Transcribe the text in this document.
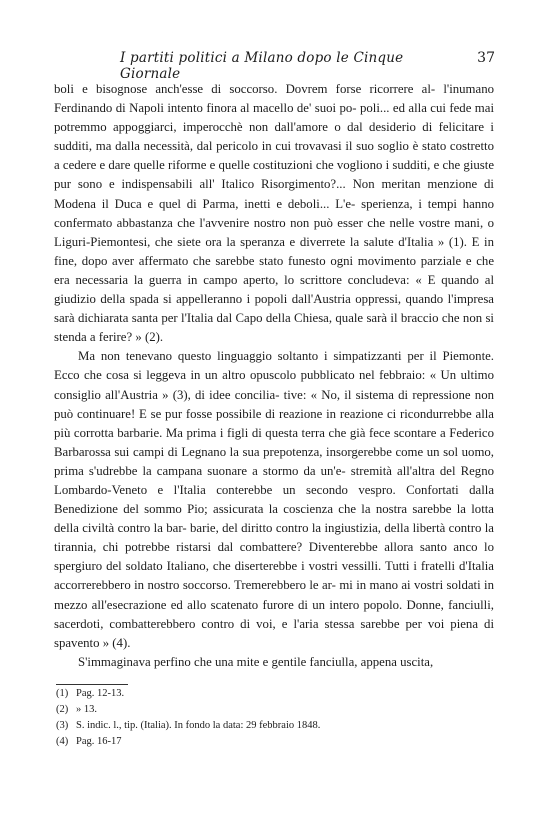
I partiti politici a Milano dopo le Cinque Giornale
37

boli e bisognose anch'esse di soccorso. Dovrem forse ricorrere al- l'inumano Ferdinando di Napoli intento finora al macello de' suoi po- poli... ed alla cui fede mai potremmo appoggiarci, imperocchè non dall'amore o dal desiderio di felicitare i sudditi, ma dalla necessità, dal pericolo in cui trovavasi il suo soglio è stato costretto a cedere e dare quelle riforme e quelle costituzioni che vogliono i sudditi, e che giuste pur sono e indispensabili all' Italico Risorgimento?... Non meritan menzione di Modena il Duca e quel di Parma, inetti e deboli... L'e- sperienza, i tempi hanno confermato abbastanza che l'avvenire nostro non può esser che nelle vostre mani, o Liguri-Piemontesi, che siete ora la speranza e diverrete la salute d'Italia » (1). E in fine, dopo aver affermato che sarebbe stato funesto ogni movimento parziale e che era necessaria la guerra in campo aperto, lo scrittore concludeva: « E quando al giudizio della spada si appelleranno i popoli dall'Austria oppressi, quando l'impresa sarà dichiarata santa per l'Italia dal Capo della Chiesa, quale sarà il braccio che non si stenda a ferire? » (2).

Ma non tenevano questo linguaggio soltanto i simpatizzanti per il Piemonte. Ecco che cosa si leggeva in un altro opuscolo pubblicato nel febbraio: « Un ultimo consiglio all'Austria » (3), di idee concilia- tive: « No, il sistema di repressione non può continuare! E se pur fosse possibile di reazione in reazione ci ricondurrebbe alla più corrotta barbarie. Ma prima i figli di questa terra che già fece scontare a Federico Barbarossa sui campi di Legnano la sua prepotenza, insorgerebbe come un sol uomo, prima s'udrebbe la campana suonare a stormo da un'e- stremità all'altra del Regno Lombardo-Veneto e l'Italia conterebbe un secondo vespro. Confortati dalla Benedizione del sommo Pio; assicurata la coscienza che la nostra sarebbe la lotta della civiltà contro la bar- barie, del diritto contro la ingiustizia, della libertà contro la tirannia, chi potrebbe ristarsi dal combattere? Diventerebbe allora santo anco lo spergiuro del soldato Italiano, che diserterebbe i vostri vessilli. Tutti i fratelli d'Italia accorrerebbero in nostro soccorso. Tremerebbero le ar- mi in mano ai vostri soldati in mezzo all'esecrazione ed allo scatenato furore di un intero popolo. Donne, fanciulli, sacerdoti, combatterebbero contro di voi, e l'aria stessa sarebbe per voi piena di spavento » (4).

S'immaginava perfino che una mite e gentile fanciulla, appena uscita,

(1) Pag. 12-13.
(2) » 13.
(3) S. indic. l., tip. (Italia). In fondo la data: 29 febbraio 1848.
(4) Pag. 16-17
